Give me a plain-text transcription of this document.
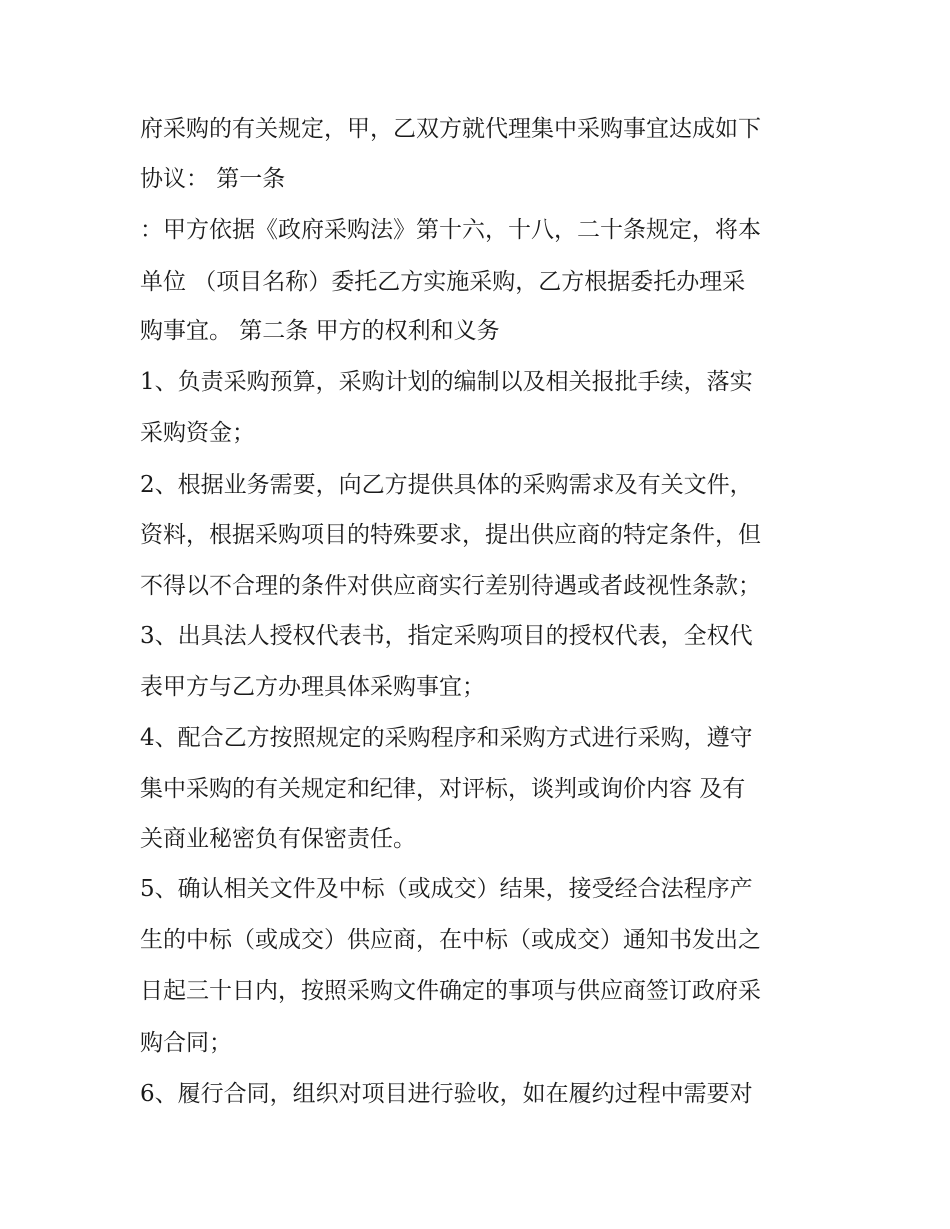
府采购的有关规定，甲，乙双方就代理集中采购事宜达成如下

协议： 第一条

：甲方依据《政府采购法》第十六，十八，二十条规定，将本

单位 （项目名称）委托乙方实施采购，乙方根据委托办理采

购事宜。 第二条 甲方的权利和义务

1、负责采购预算，采购计划的编制以及相关报批手续，落实

采购资金；

2、根据业务需要，向乙方提供具体的采购需求及有关文件，

资料，根据采购项目的特殊要求，提出供应商的特定条件，但

不得以不合理的条件对供应商实行差别待遇或者歧视性条款；

3、出具法人授权代表书，指定采购项目的授权代表，全权代

表甲方与乙方办理具体采购事宜；

4、配合乙方按照规定的采购程序和采购方式进行采购，遵守

集中采购的有关规定和纪律，对评标，谈判或询价内容 及有

关商业秘密负有保密责任。

5、确认相关文件及中标（或成交）结果，接受经合法程序产

生的中标（或成交）供应商，在中标（或成交）通知书发出之

日起三十日内，按照采购文件确定的事项与供应商签订政府采

购合同；

6、履行合同，组织对项目进行验收，如在履约过程中需要对
